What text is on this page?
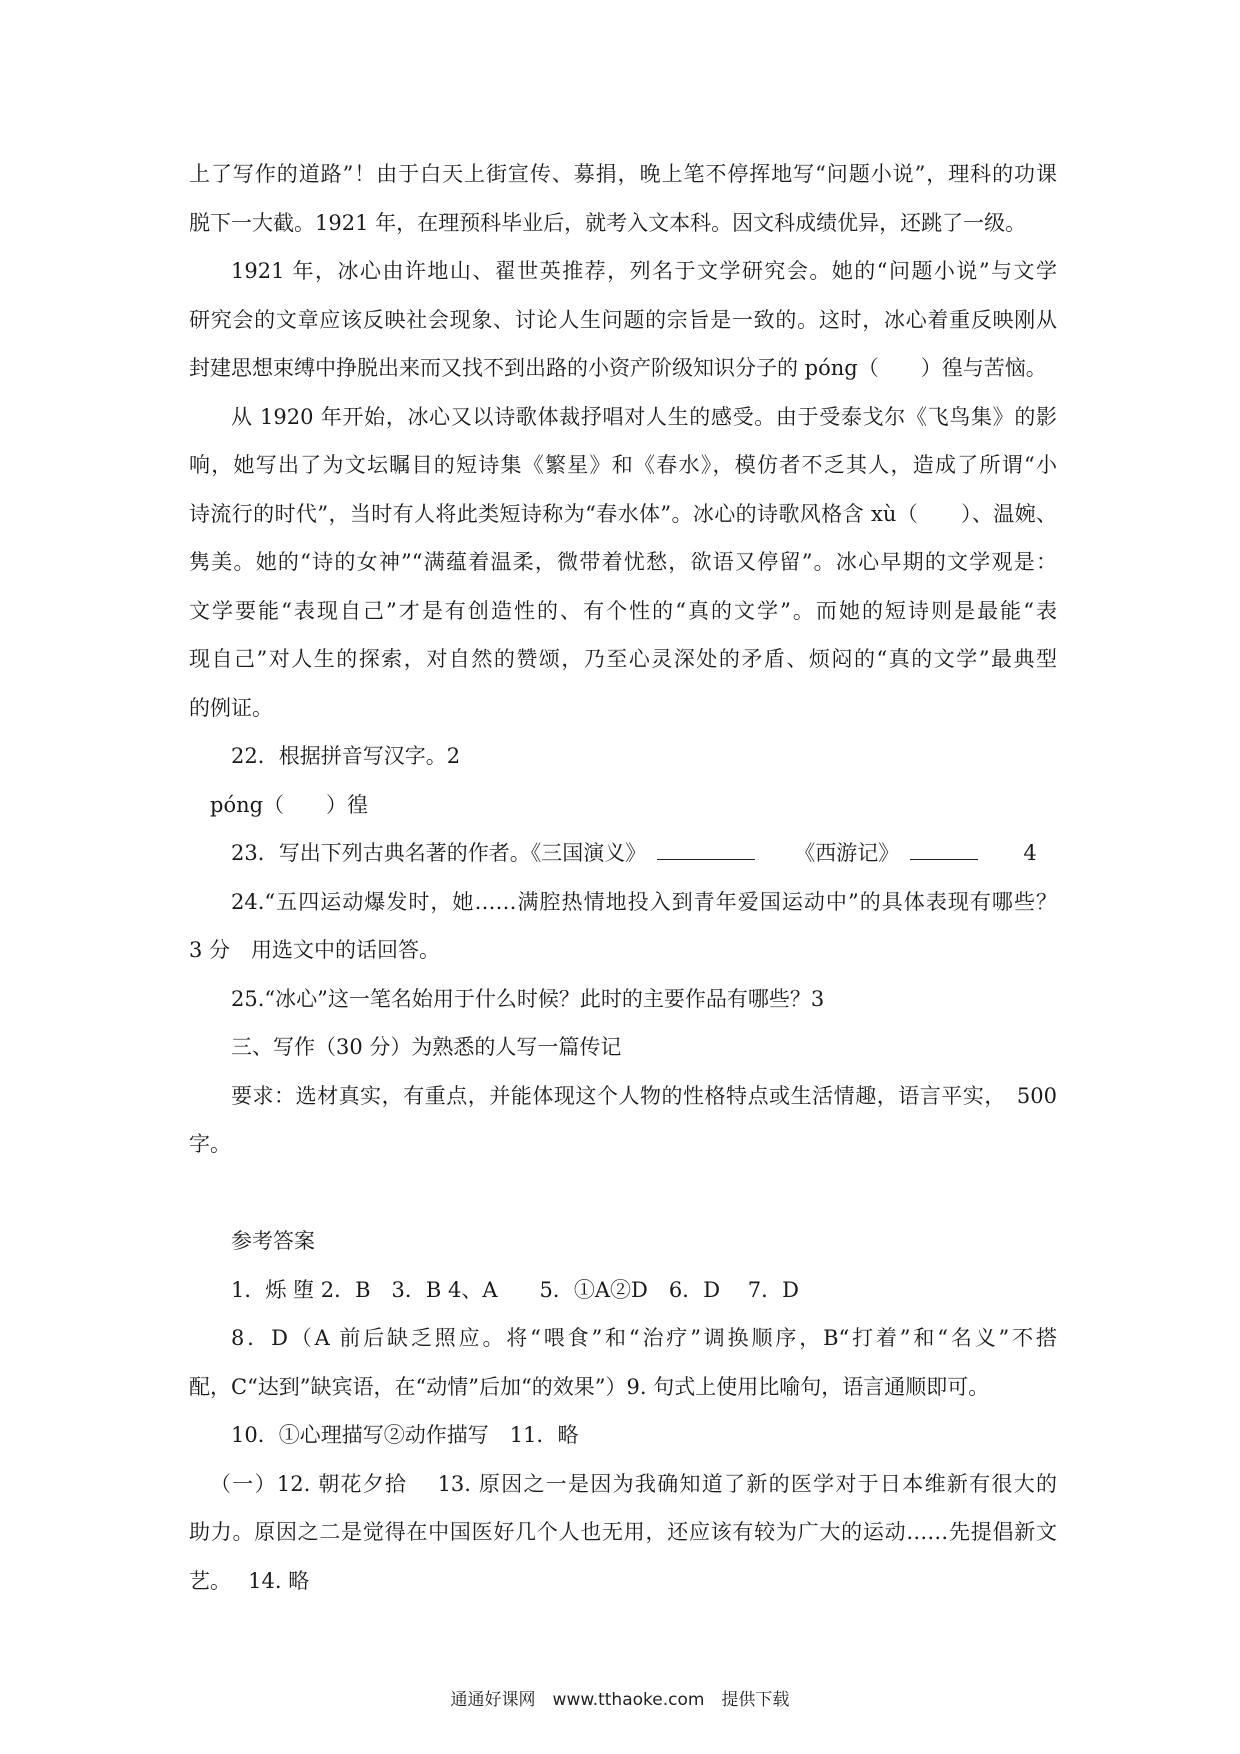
上了写作的道路”！由于白天上街宣传、募捐，晚上笔不停挥地写“问题小说”，理科的功课
脱下一大截。1921 年，在理预科毕业后，就考入文本科。因文科成绩优异，还跳了一级。
1921 年，冰心由许地山、翟世英推荐，列名于文学研究会。她的“问题小说”与文学
研究会的文章应该反映社会现象、讨论人生问题的宗旨是一致的。这时，冰心着重反映刚从
封建思想束缚中挣脱出来而又找不到出路的小资产阶级知识分子的 póng（　　）徨与苦恼。
从 1920 年开始，冰心又以诗歌体裁抒唱对人生的感受。由于受泰戈尔《飞鸟集》的影
响，她写出了为文坛瞩目的短诗集《繁星》和《春水》，模仿者不乏其人，造成了所谓“小
诗流行的时代”，当时有人将此类短诗称为“春水体”。冰心的诗歌风格含 xù（　　）、温婉、
隽美。她的“诗的女神”“满蕴着温柔，微带着忧愁，欲语又停留”。冰心早期的文学观是：
文学要能“表现自己”才是有创造性的、有个性的“真的文学”。而她的短诗则是最能“表
现自己”对人生的探索，对自然的赞颂，乃至心灵深处的矛盾、烦闷的“真的文学”最典型
的例证。
22．根据拼音写汉字。2
póng（　　）徨
23．写出下列古典名著的作者。《三国演义》	《西游记》	4
24.“五四运动爆发时，她……满腔热情地投入到青年爱国运动中”的具体表现有哪些？
3 分　用选文中的话回答。
25.“冰心”这一笔名始用于什么时候？此时的主要作品有哪些？3
三、写作（30 分）为熟悉的人写一篇传记
要求：选材真实，有重点，并能体现这个人物的性格特点或生活情趣，语言平实，　500
字。
参考答案
1．烁 堕 2．B　3．B 4、A　　5．①A②D　6．D　 7．D
8．D（A 前后缺乏照应。将“喂食”和“治疗”调换顺序，B“打着”和“名义”不搭
配，C“达到”缺宾语，在“动情”后加“的效果”）9. 句式上使用比喻句，语言通顺即可。
10．①心理描写②动作描写　11．略
（一）12. 朝花夕拾　 13. 原因之一是因为我确知道了新的医学对于日本维新有很大的
助力。原因之二是觉得在中国医好几个人也无用，还应该有较为广大的运动……先提倡新文
艺。　 14. 略
通通好课网　www.tthaoke.com　提供下载
